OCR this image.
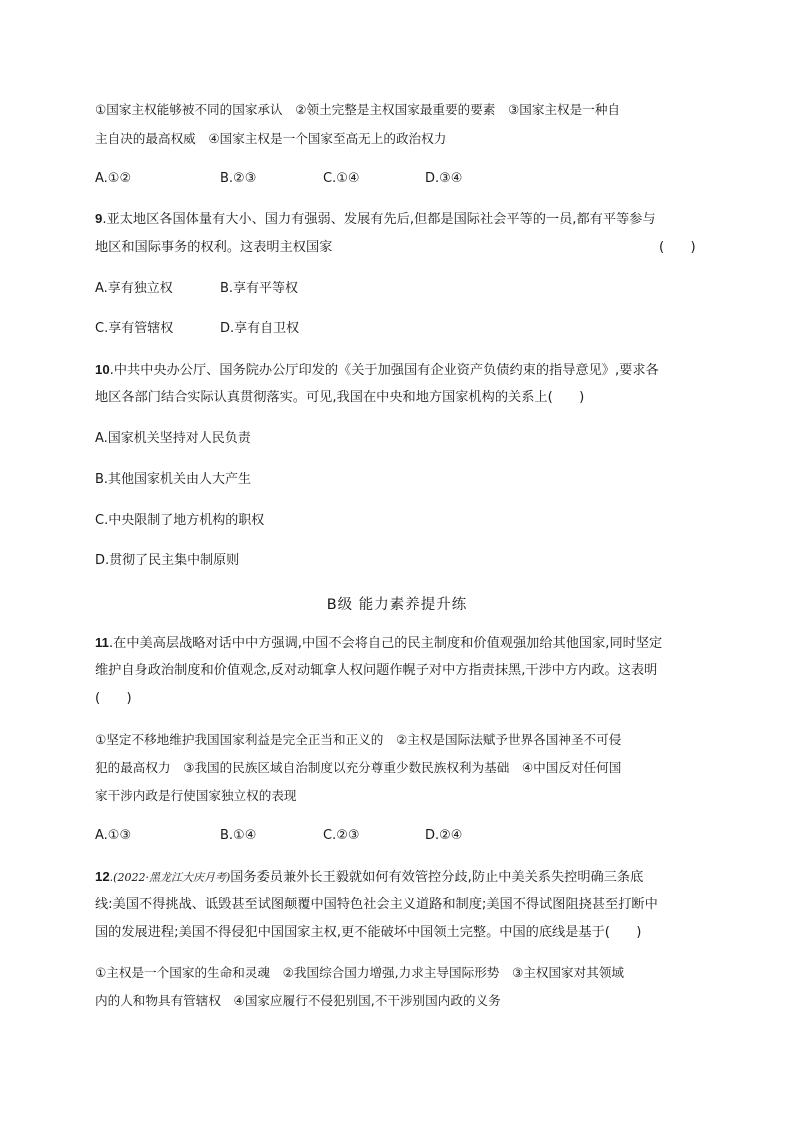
①国家主权能够被不同的国家承认　②领土完整是主权国家最重要的要素　③国家主权是一种自
主自决的最高权威　④国家主权是一个国家至高无上的政治权力
A.①②	B.②③	C.①④	D.③④
9.亚太地区各国体量有大小、国力有强弱、发展有先后,但都是国际社会平等的一员,都有平等参与
地区和国际事务的权利。这表明主权国家	(　　)
A.享有独立权	B.享有平等权
C.享有管辖权	D.享有自卫权
10.中共中央办公厅、国务院办公厅印发的《关于加强国有企业资产负债约束的指导意见》,要求各
地区各部门结合实际认真贯彻落实。可见,我国在中央和地方国家机构的关系上(　　)
A.国家机关坚持对人民负责
B.其他国家机关由人大产生
C.中央限制了地方机构的职权
D.贯彻了民主集中制原则
B级 能力素养提升练
11.在中美高层战略对话中中方强调,中国不会将自己的民主制度和价值观强加给其他国家,同时坚定
维护自身政治制度和价值观念,反对动辄拿人权问题作幌子对中方指责抹黑,干涉中方内政。这表明
(　　)
①坚定不移地维护我国国家利益是完全正当和正义的　②主权是国际法赋予世界各国神圣不可侵
犯的最高权力　③我国的民族区域自治制度以充分尊重少数民族权利为基础　④中国反对任何国
家干涉内政是行使国家独立权的表现
A.①③	B.①④	C.②③	D.②④
12.(2022·黑龙江大庆月考)国务委员兼外长王毅就如何有效管控分歧,防止中美关系失控明确三条底
线:美国不得挑战、诋毁甚至试图颠覆中国特色社会主义道路和制度;美国不得试图阻挠甚至打断中
国的发展进程;美国不得侵犯中国国家主权,更不能破坏中国领土完整。中国的底线是基于(　　)
①主权是一个国家的生命和灵魂　②我国综合国力增强,力求主导国际形势　③主权国家对其领域
内的人和物具有管辖权　④国家应履行不侵犯别国,不干涉别国内政的义务
